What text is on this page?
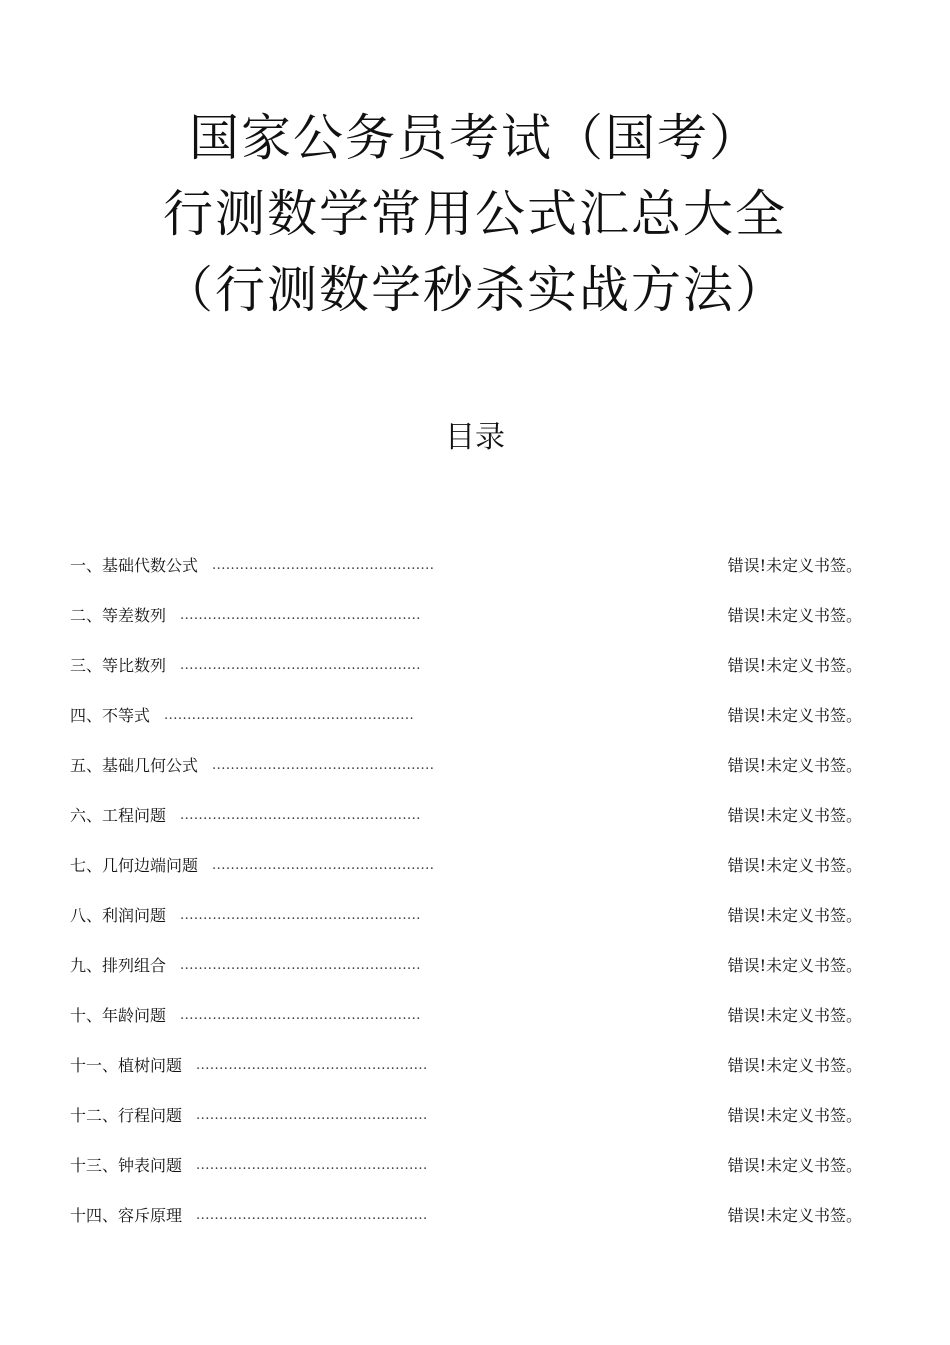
国家公务员考试（国考）
行测数学常用公式汇总大全
（行测数学秒杀实战方法）
目录
一、基础代数公式	................................................	错误!未定义书签。
二、等差数列	....................................................	错误!未定义书签。
三、等比数列	....................................................	错误!未定义书签。
四、不等式	......................................................	错误!未定义书签。
五、基础几何公式	................................................	错误!未定义书签。
六、工程问题	....................................................	错误!未定义书签。
七、几何边端问题	................................................	错误!未定义书签。
八、利润问题	....................................................	错误!未定义书签。
九、排列组合	....................................................	错误!未定义书签。
十、年龄问题	....................................................	错误!未定义书签。
十一、植树问题	..................................................	错误!未定义书签。
十二、行程问题	..................................................	错误!未定义书签。
十三、钟表问题	..................................................	错误!未定义书签。
十四、容斥原理	..................................................	错误!未定义书签。
